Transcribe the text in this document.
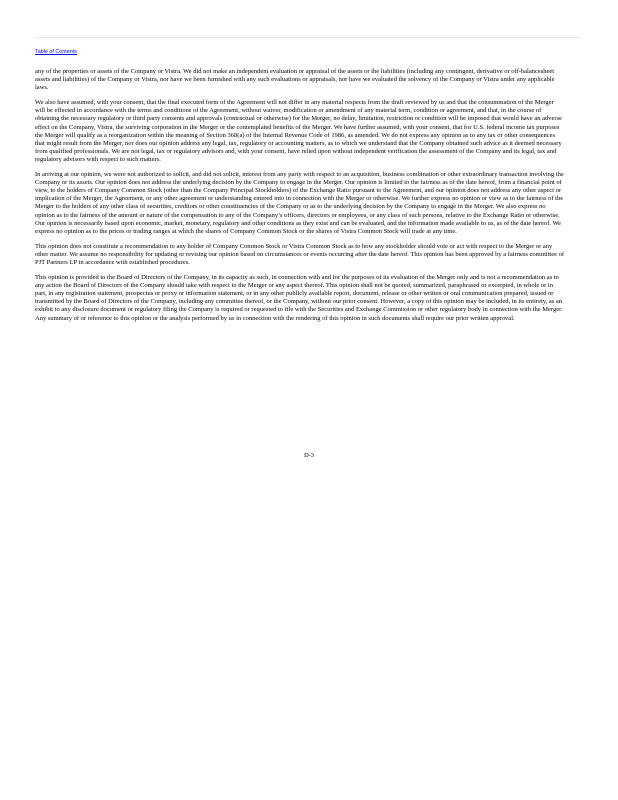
Table of Contents

any of the properties or assets of the Company or Vistra. We did not make an independent evaluation or appraisal of the assets or the liabilities (including any contingent, derivative or off-balancesheet assets and liabilities) of the Company or Vistra, nor have we been furnished with any such evaluations or appraisals, nor have we evaluated the solvency of the Company or Vistra under any applicable laws.

We also have assumed, with your consent, that the final executed form of the Agreement will not differ in any material respects from the draft reviewed by us and that the consummation of the Merger will be effected in accordance with the terms and conditions of the Agreement, without waiver, modification or amendment of any material term, condition or agreement, and that, in the course of obtaining the necessary regulatory or third party consents and approvals (contractual or otherwise) for the Merger, no delay, limitation, restriction or condition will be imposed that would have an adverse effect on the Company, Vistra, the surviving corporation in the Merger or the contemplated benefits of the Merger. We have further assumed, with your consent, that for U.S. federal income tax purposes the Merger will qualify as a reorganization within the meaning of Section 368(a) of the Internal Revenue Code of 1986, as amended. We do not express any opinion as to any tax or other consequences that might result from the Merger, nor does our opinion address any legal, tax, regulatory or accounting matters, as to which we understand that the Company obtained such advice as it deemed necessary from qualified professionals. We are not legal, tax or regulatory advisors and, with your consent, have relied upon without independent verification the assessment of the Company and its legal, tax and regulatory advisors with respect to such matters.

In arriving at our opinion, we were not authorized to solicit, and did not solicit, interest from any party with respect to an acquisition, business combination or other extraordinary transaction involving the Company or its assets. Our opinion does not address the underlying decision by the Company to engage in the Merger. Our opinion is limited to the fairness as of the date hereof, from a financial point of view, to the holders of Company Common Stock (other than the Company Principal Stockholders) of the Exchange Ratio pursuant to the Agreement, and our opinion does not address any other aspect or implication of the Merger, the Agreement, or any other agreement or understanding entered into in connection with the Merger or otherwise. We further express no opinion or view as to the fairness of the Merger to the holders of any other class of securities, creditors or other constituencies of the Company or as to the underlying decision by the Company to engage in the Merger. We also express no opinion as to the fairness of the amount or nature of the compensation to any of the Company’s officers, directors or employees, or any class of such persons, relative to the Exchange Ratio or otherwise. Our opinion is necessarily based upon economic, market, monetary, regulatory and other conditions as they exist and can be evaluated, and the information made available to us, as of the date hereof. We express no opinion as to the prices or trading ranges at which the shares of Company Common Stock or the shares of Vistra Common Stock will trade at any time.

This opinion does not constitute a recommendation to any holder of Company Common Stock or Vistra Common Stock as to how any stockholder should vote or act with respect to the Merger or any other matter. We assume no responsibility for updating or revising our opinion based on circumstances or events occurring after the date hereof. This opinion has been approved by a fairness committee of PJT Partners LP in accordance with established procedures.

This opinion is provided to the Board of Directors of the Company, in its capacity as such, in connection with and for the purposes of its evaluation of the Merger only and is not a recommendation as to any action the Board of Directors of the Company should take with respect to the Merger or any aspect thereof. This opinion shall not be quoted, summarized, paraphrased or excerpted, in whole or in part, in any registration statement, prospectus or proxy or information statement, or in any other publicly available report, document, release or other written or oral communication prepared, issued or transmitted by the Board of Directors of the Company, including any committee thereof, or the Company, without our prior consent. However, a copy of this opinion may be included, in its entirety, as an exhibit to any disclosure document or regulatory filing the Company is required or requested to file with the Securities and Exchange Commission or other regulatory body in connection with the Merger. Any summary of or reference to this opinion or the analysis performed by us in connection with the rendering of this opinion in such documents shall require our prior written approval.

D-3
